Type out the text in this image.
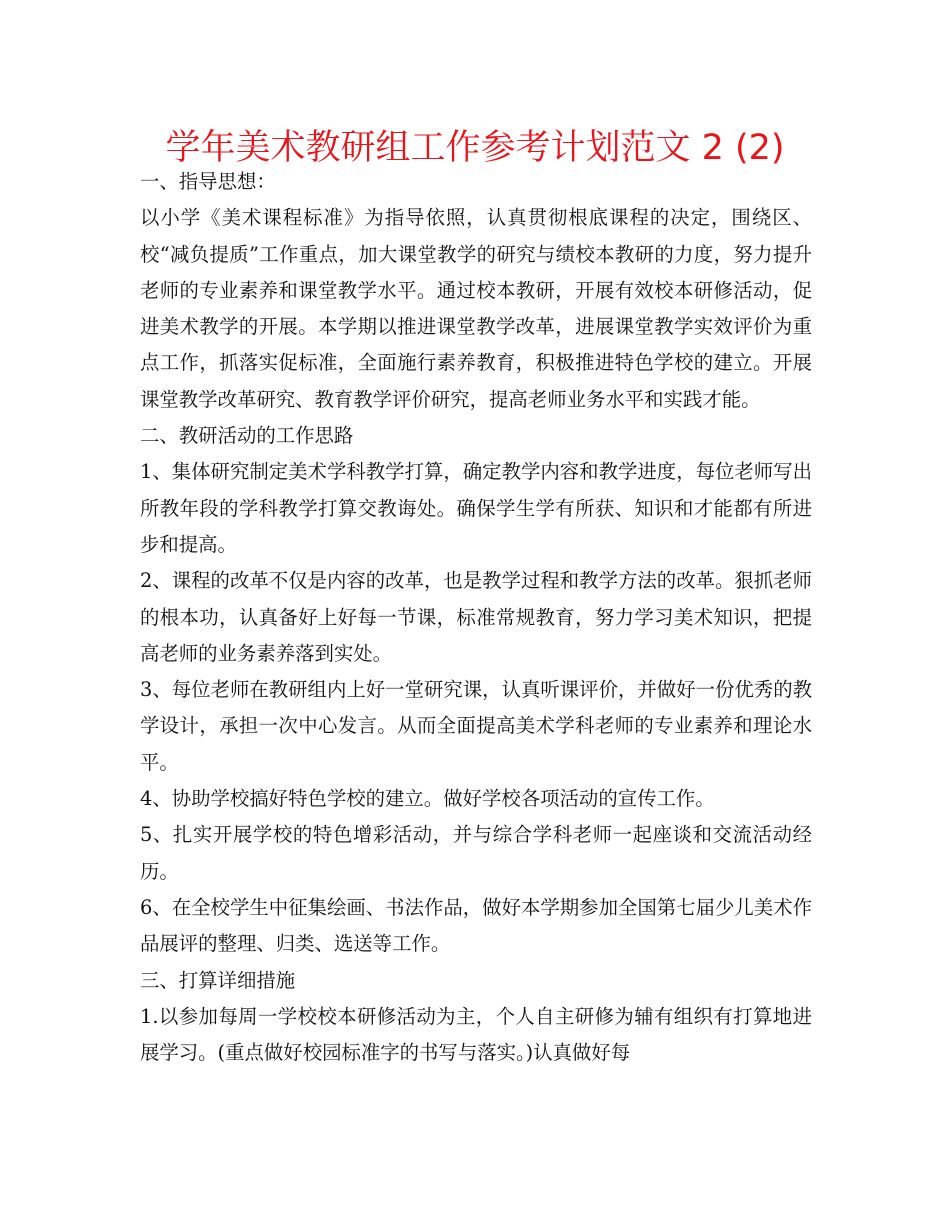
学年美术教研组工作参考计划范文 2 (2)

一、指导思想：

以小学《美术课程标准》为指导依照，认真贯彻根底课程的决定，围绕区、校“减负提质”工作重点，加大课堂教学的研究与绩校本教研的力度，努力提升老师的专业素养和课堂教学水平。通过校本教研，开展有效校本研修活动，促进美术教学的开展。本学期以推进课堂教学改革，进展课堂教学实效评价为重点工作，抓落实促标准，全面施行素养教育，积极推进特色学校的建立。开展课堂教学改革研究、教育教学评价研究，提高老师业务水平和实践才能。

二、教研活动的工作思路

1、集体研究制定美术学科教学打算，确定教学内容和教学进度，每位老师写出所教年段的学科教学打算交教诲处。确保学生学有所获、知识和才能都有所进步和提高。

2、课程的改革不仅是内容的改革，也是教学过程和教学方法的改革。狠抓老师的根本功，认真备好上好每一节课，标准常规教育，努力学习美术知识，把提高老师的业务素养落到实处。

3、每位老师在教研组内上好一堂研究课，认真听课评价，并做好一份优秀的教学设计，承担一次中心发言。从而全面提高美术学科老师的专业素养和理论水平。

4、协助学校搞好特色学校的建立。做好学校各项活动的宣传工作。

5、扎实开展学校的特色增彩活动，并与综合学科老师一起座谈和交流活动经历。

6、在全校学生中征集绘画、书法作品，做好本学期参加全国第七届少儿美术作品展评的整理、归类、选送等工作。

三、打算详细措施

1.以参加每周一学校校本研修活动为主，个人自主研修为辅有组织有打算地进展学习。(重点做好校园标准字的书写与落实。)认真做好每
